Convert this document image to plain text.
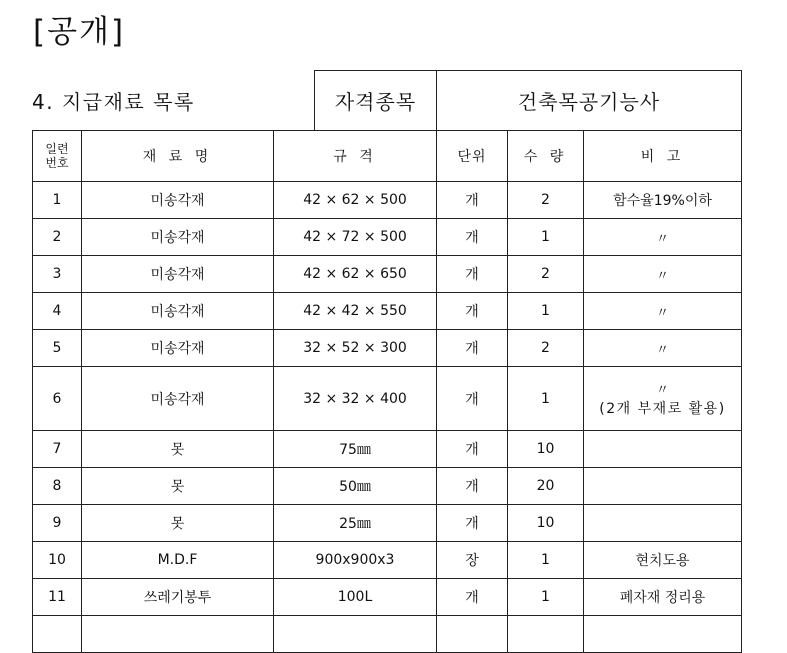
[공개]
4. 지급재료 목록	자격종목	건축목공기능사
일련
번호	재 료 명	규 격	단위	수 량	비 고
1	미송각재	42 × 62 × 500	개	2	함수율19%이하
2	미송각재	42 × 72 × 500	개	1	〃

3	미송각재	42 × 62 × 650	개	2	〃

4	미송각재	42 × 42 × 550	개	1	〃

5	미송각재	32 × 52 × 300	개	2	〃

6	미송각재	32 × 32 × 400	개	1	〃
(2개 부재로 활용)

7	못	75㎜	개	10	
8	못	50㎜	개	20	
9	못	25㎜	개	10	
10	M.D.F	900x900x3	장	1	현치도용
11	쓰레기봉투	100L	개	1	폐자재 정리용
